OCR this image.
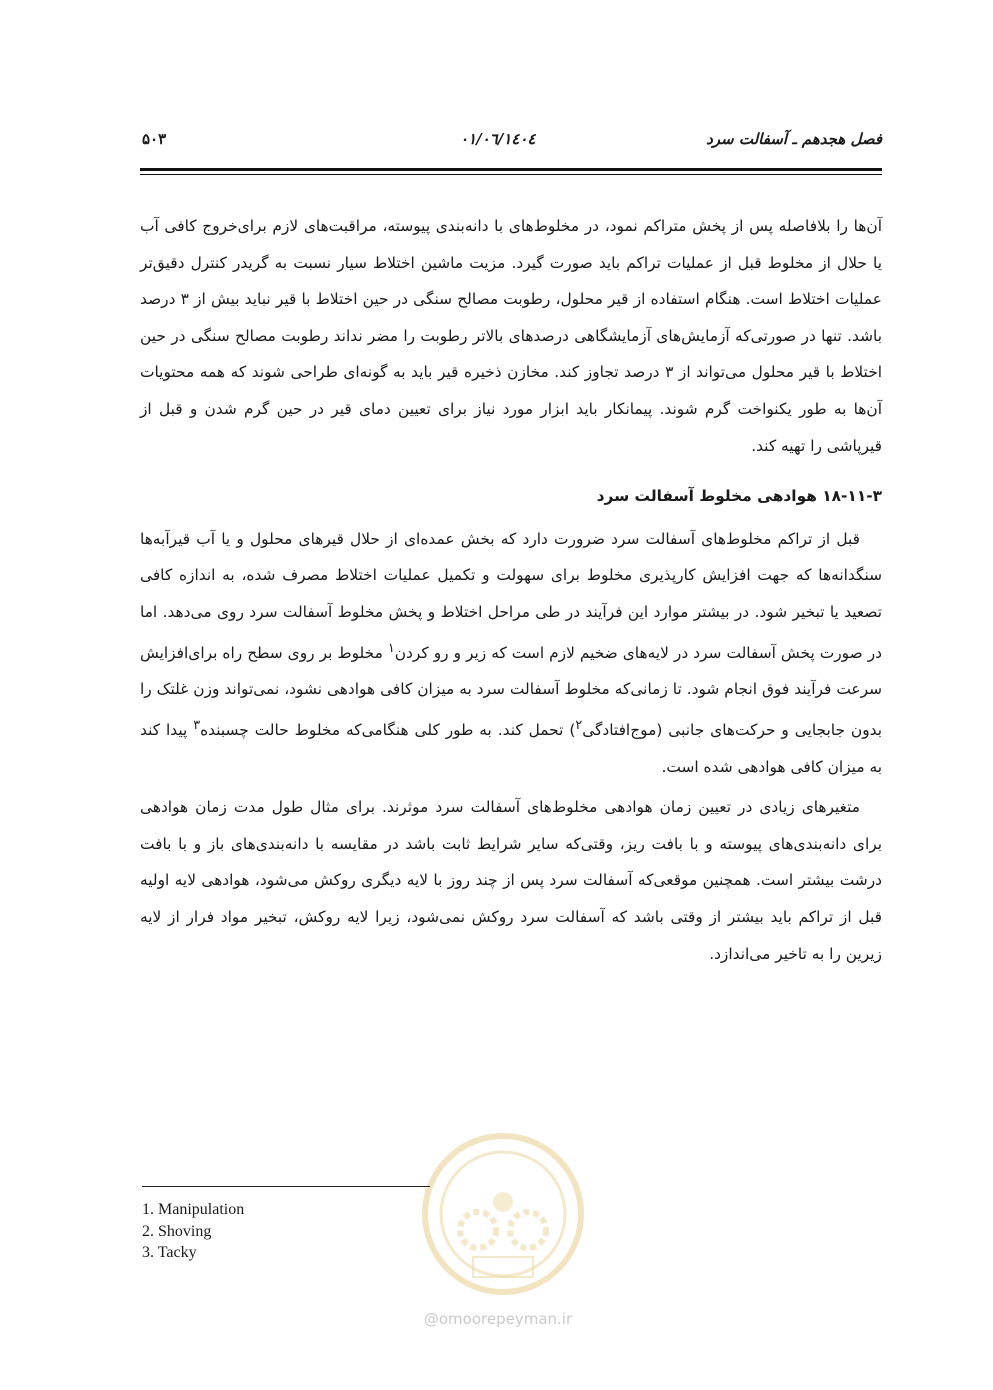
فصل هجدهم ـ آسفالت سرد
۱٤۰٤/۰٦/۰۱
۵۰۳

آن‌ها را بلافاصله پس از پخش متراکم نمود، در مخلوط‌های با دانه‌بندی پیوسته، مراقبت‌های لازم برای‌خروج کافی آب یا حلال از مخلوط قبل از عملیات تراکم باید صورت گیرد. مزیت ماشین اختلاط سیار نسبت به گریدر کنترل دقیق‌تر عملیات اختلاط است. هنگام استفاده از قیر محلول، رطوبت مصالح سنگی در حین اختلاط با قیر نباید بیش از ۳ درصد باشد. تنها در صورتی‌که آزمایش‌های آزمایشگاهی درصدهای بالاتر رطوبت را مضر نداند رطوبت مصالح سنگی در حین اختلاط با قیر محلول می‌تواند از ۳ درصد تجاوز کند. مخازن ذخیره قیر باید به گونه‌ای طراحی شوند که همه محتویات آن‌ها به طور یکنواخت گرم شوند. پیمانکار باید ابزار مورد نیاز برای تعیین دمای قیر در حین گرم شدن و قبل از قیرپاشی را تهیه کند.

۱۸-۱۱-۳ هوادهی مخلوط آسفالت سرد

قبل از تراکم مخلوط‌های آسفالت سرد ضرورت دارد که بخش عمده‌ای از حلال قیرهای محلول و یا آب قیرآبه‌ها سنگدانه‌ها که جهت افزایش کارپذیری مخلوط برای سهولت و تکمیل عملیات اختلاط مصرف شده، به اندازه کافی تصعید یا تبخیر شود. در بیشتر موارد این فرآیند در طی مراحل اختلاط و پخش مخلوط آسفالت سرد روی می‌دهد. اما در صورت پخش آسفالت سرد در لایه‌های ضخیم لازم است که زیر و رو کردن$^۱$ مخلوط بر روی سطح راه برای‌افزایش سرعت فرآیند فوق انجام شود. تا زمانی‌که مخلوط آسفالت سرد به میزان کافی هوادهی نشود، نمی‌تواند وزن غلتک را بدون جابجایی و حرکت‌های جانبی (موج‌افتادگی$^۲$) تحمل کند. به طور کلی هنگامی‌که مخلوط حالت چسبنده$^۳$ پیدا کند به میزان کافی هوادهی شده است.

متغیرهای زیادی در تعیین زمان هوادهی مخلوط‌های آسفالت سرد موثرند. برای مثال طول مدت زمان هوادهی برای دانه‌بندی‌های پیوسته و با بافت ریز، وقتی‌که سایر شرایط ثابت باشد در مقایسه با دانه‌بندی‌های باز و با بافت درشت بیشتر است. همچنین موقعی‌که آسفالت سرد پس از چند روز با لایه دیگری روکش می‌شود، هوادهی لایه اولیه قبل از تراکم باید بیشتر از وقتی باشد که آسفالت سرد روکش نمی‌شود، زیرا لایه روکش، تبخیر مواد فرار از لایه زیرین را به تاخیر می‌اندازد.

@omoorepeyman.ir
1. Manipulation
2. Shoving
3. Tacky
